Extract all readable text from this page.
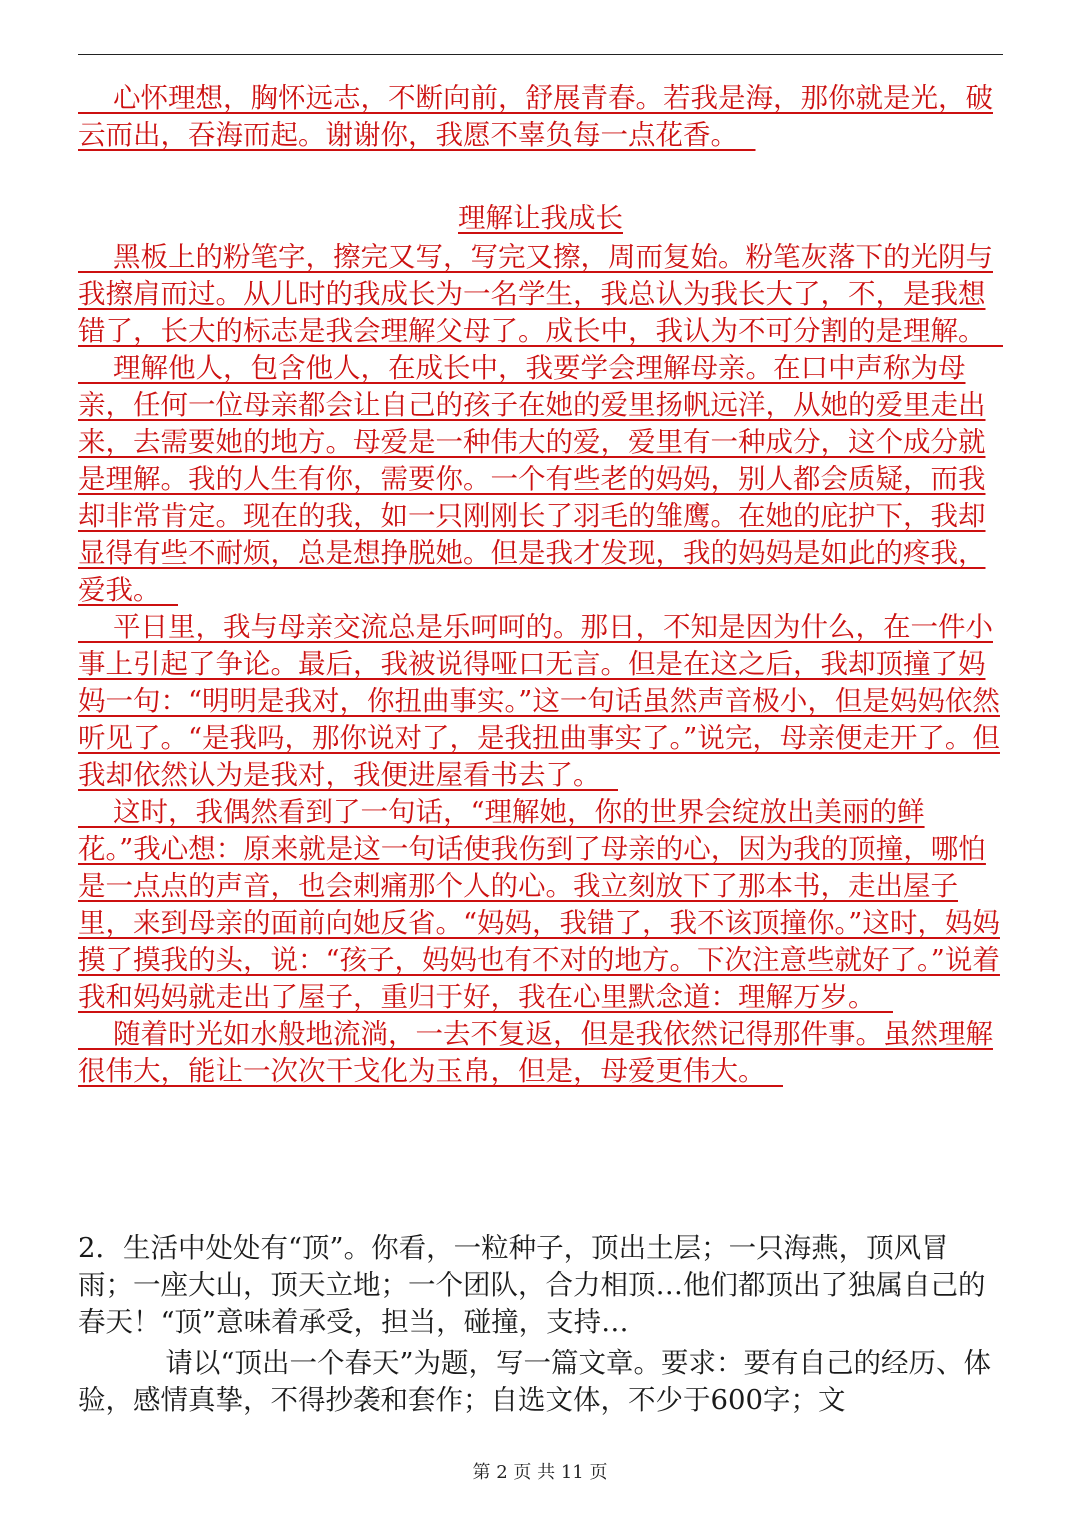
心怀理想，胸怀远志，不断向前，舒展青春。若我是海，那你就是光，破云而出，吞海而起。谢谢你，我愿不辜负每一点花香。

理解让我成长

黑板上的粉笔字，擦完又写，写完又擦，周而复始。粉笔灰落下的光阴与我擦肩而过。从儿时的我成长为一名学生，我总认为我长大了，不，是我想错了，长大的标志是我会理解父母了。成长中，我认为不可分割的是理解。

理解他人，包含他人，在成长中，我要学会理解母亲。在口中声称为母亲，任何一位母亲都会让自己的孩子在她的爱里扬帆远洋，从她的爱里走出来，去需要她的地方。母爱是一种伟大的爱，爱里有一种成分，这个成分就是理解。我的人生有你，需要你。一个有些老的妈妈，别人都会质疑，而我却非常肯定。现在的我，如一只刚刚长了羽毛的雏鹰。在她的庇护下，我却显得有些不耐烦，总是想挣脱她。但是我才发现，我的妈妈是如此的疼我，爱我。

平日里，我与母亲交流总是乐呵呵的。那日，不知是因为什么，在一件小事上引起了争论。最后，我被说得哑口无言。但是在这之后，我却顶撞了妈妈一句：“明明是我对，你扭曲事实。”这一句话虽然声音极小，但是妈妈依然听见了。“是我吗，那你说对了，是我扭曲事实了。”说完，母亲便走开了。但我却依然认为是我对，我便进屋看书去了。

这时，我偶然看到了一句话，“理解她，你的世界会绽放出美丽的鲜花。”我心想：原来就是这一句话使我伤到了母亲的心，因为我的顶撞，哪怕是一点点的声音，也会刺痛那个人的心。我立刻放下了那本书，走出屋子里，来到母亲的面前向她反省。“妈妈，我错了，我不该顶撞你。”这时，妈妈摸了摸我的头，说：“孩子，妈妈也有不对的地方。下次注意些就好了。”说着我和妈妈就走出了屋子，重归于好，我在心里默念道：理解万岁。

随着时光如水般地流淌，一去不复返，但是我依然记得那件事。虽然理解很伟大，能让一次次干戈化为玉帛，但是，母爱更伟大。

2．生活中处处有“顶”。你看，一粒种子，顶出土层；一只海燕，顶风冒雨；一座大山，顶天立地；一个团队，合力相顶…他们都顶出了独属自己的春天！“顶”意味着承受，担当，碰撞，支持…

请以“顶出一个春天”为题，写一篇文章。要求：要有自己的经历、体验，感情真挚，不得抄袭和套作；自选文体，不少于600字；文

第 2 页 共 11 页
